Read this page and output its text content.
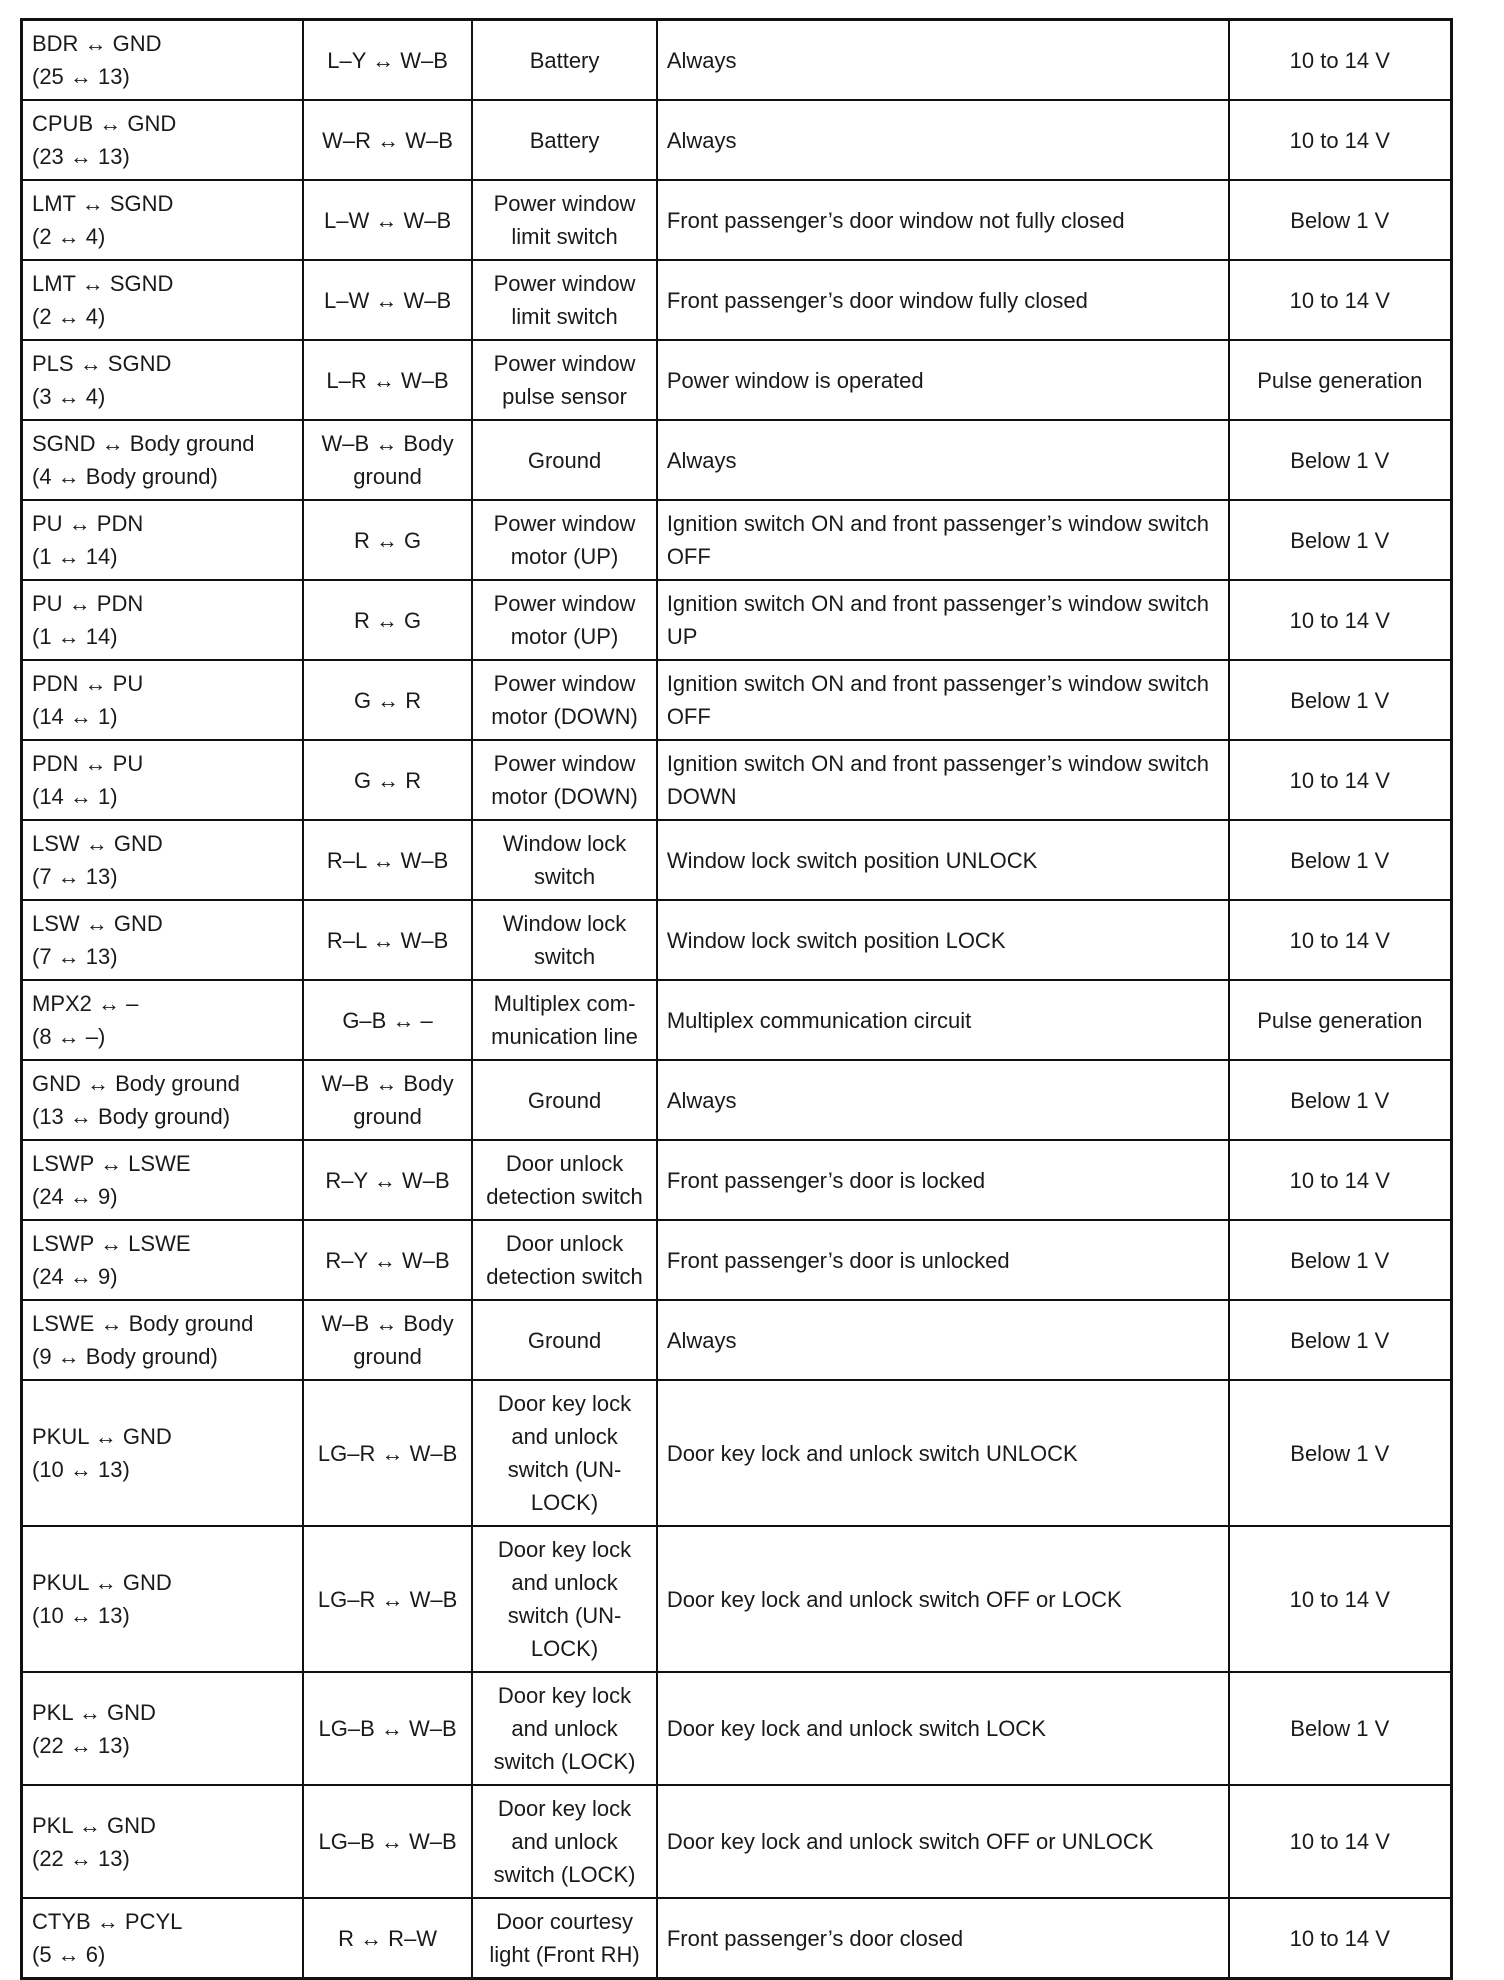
BDR ↔ GND
(25 ↔ 13)	L–Y ↔ W–B	Battery	Always	10 to 14 V

CPUB ↔ GND
(23 ↔ 13)	W–R ↔ W–B	Battery	Always	10 to 14 V

LMT ↔ SGND
(2 ↔ 4)	L–W ↔ W–B	Power window
limit switch	Front passenger’s door window not fully closed	Below 1 V

LMT ↔ SGND
(2 ↔ 4)	L–W ↔ W–B	Power window
limit switch	Front passenger’s door window fully closed	10 to 14 V

PLS ↔ SGND
(3 ↔ 4)	L–R ↔ W–B	Power window
pulse sensor	Power window is operated	Pulse generation

SGND ↔ Body ground
(4 ↔ Body ground)	W–B ↔ Body ground	Ground	Always	Below 1 V

PU ↔ PDN
(1 ↔ 14)	R ↔ G	Power window
motor (UP)	Ignition switch ON and front passenger’s window switch
OFF	Below 1 V

PU ↔ PDN
(1 ↔ 14)	R ↔ G	Power window
motor (UP)	Ignition switch ON and front passenger’s window switch
UP	10 to 14 V

PDN ↔ PU
(14 ↔ 1)	G ↔ R	Power window
motor (DOWN)	Ignition switch ON and front passenger’s window switch
OFF	Below 1 V

PDN ↔ PU
(14 ↔ 1)	G ↔ R	Power window
motor (DOWN)	Ignition switch ON and front passenger’s window switch
DOWN	10 to 14 V

LSW ↔ GND
(7 ↔ 13)	R–L ↔ W–B	Window lock
switch	Window lock switch position UNLOCK	Below 1 V

LSW ↔ GND
(7 ↔ 13)	R–L ↔ W–B	Window lock
switch	Window lock switch position LOCK	10 to 14 V

MPX2 ↔ –
(8 ↔ –)	G–B ↔ –	Multiplex com-
munication line	Multiplex communication circuit	Pulse generation

GND ↔ Body ground
(13 ↔ Body ground)	W–B ↔ Body ground	Ground	Always	Below 1 V

LSWP ↔ LSWE
(24 ↔ 9)	R–Y ↔ W–B	Door unlock
detection switch	Front passenger’s door is locked	10 to 14 V

LSWP ↔ LSWE
(24 ↔ 9)	R–Y ↔ W–B	Door unlock
detection switch	Front passenger’s door is unlocked	Below 1 V

LSWE ↔ Body ground
(9 ↔ Body ground)	W–B ↔ Body ground	Ground	Always	Below 1 V

PKUL ↔ GND
(10 ↔ 13)	LG–R ↔ W–B	Door key lock
and unlock
switch (UN-
LOCK)	Door key lock and unlock switch UNLOCK	Below 1 V

PKUL ↔ GND
(10 ↔ 13)	LG–R ↔ W–B	Door key lock
and unlock
switch (UN-
LOCK)	Door key lock and unlock switch OFF or LOCK	10 to 14 V

PKL ↔ GND
(22 ↔ 13)	LG–B ↔ W–B	Door key lock
and unlock
switch (LOCK)	Door key lock and unlock switch LOCK	Below 1 V

PKL ↔ GND
(22 ↔ 13)	LG–B ↔ W–B	Door key lock
and unlock
switch (LOCK)	Door key lock and unlock switch OFF or UNLOCK	10 to 14 V

CTYB ↔ PCYL
(5 ↔ 6)	R ↔ R–W	Door courtesy
light (Front RH)	Front passenger’s door closed	10 to 14 V
